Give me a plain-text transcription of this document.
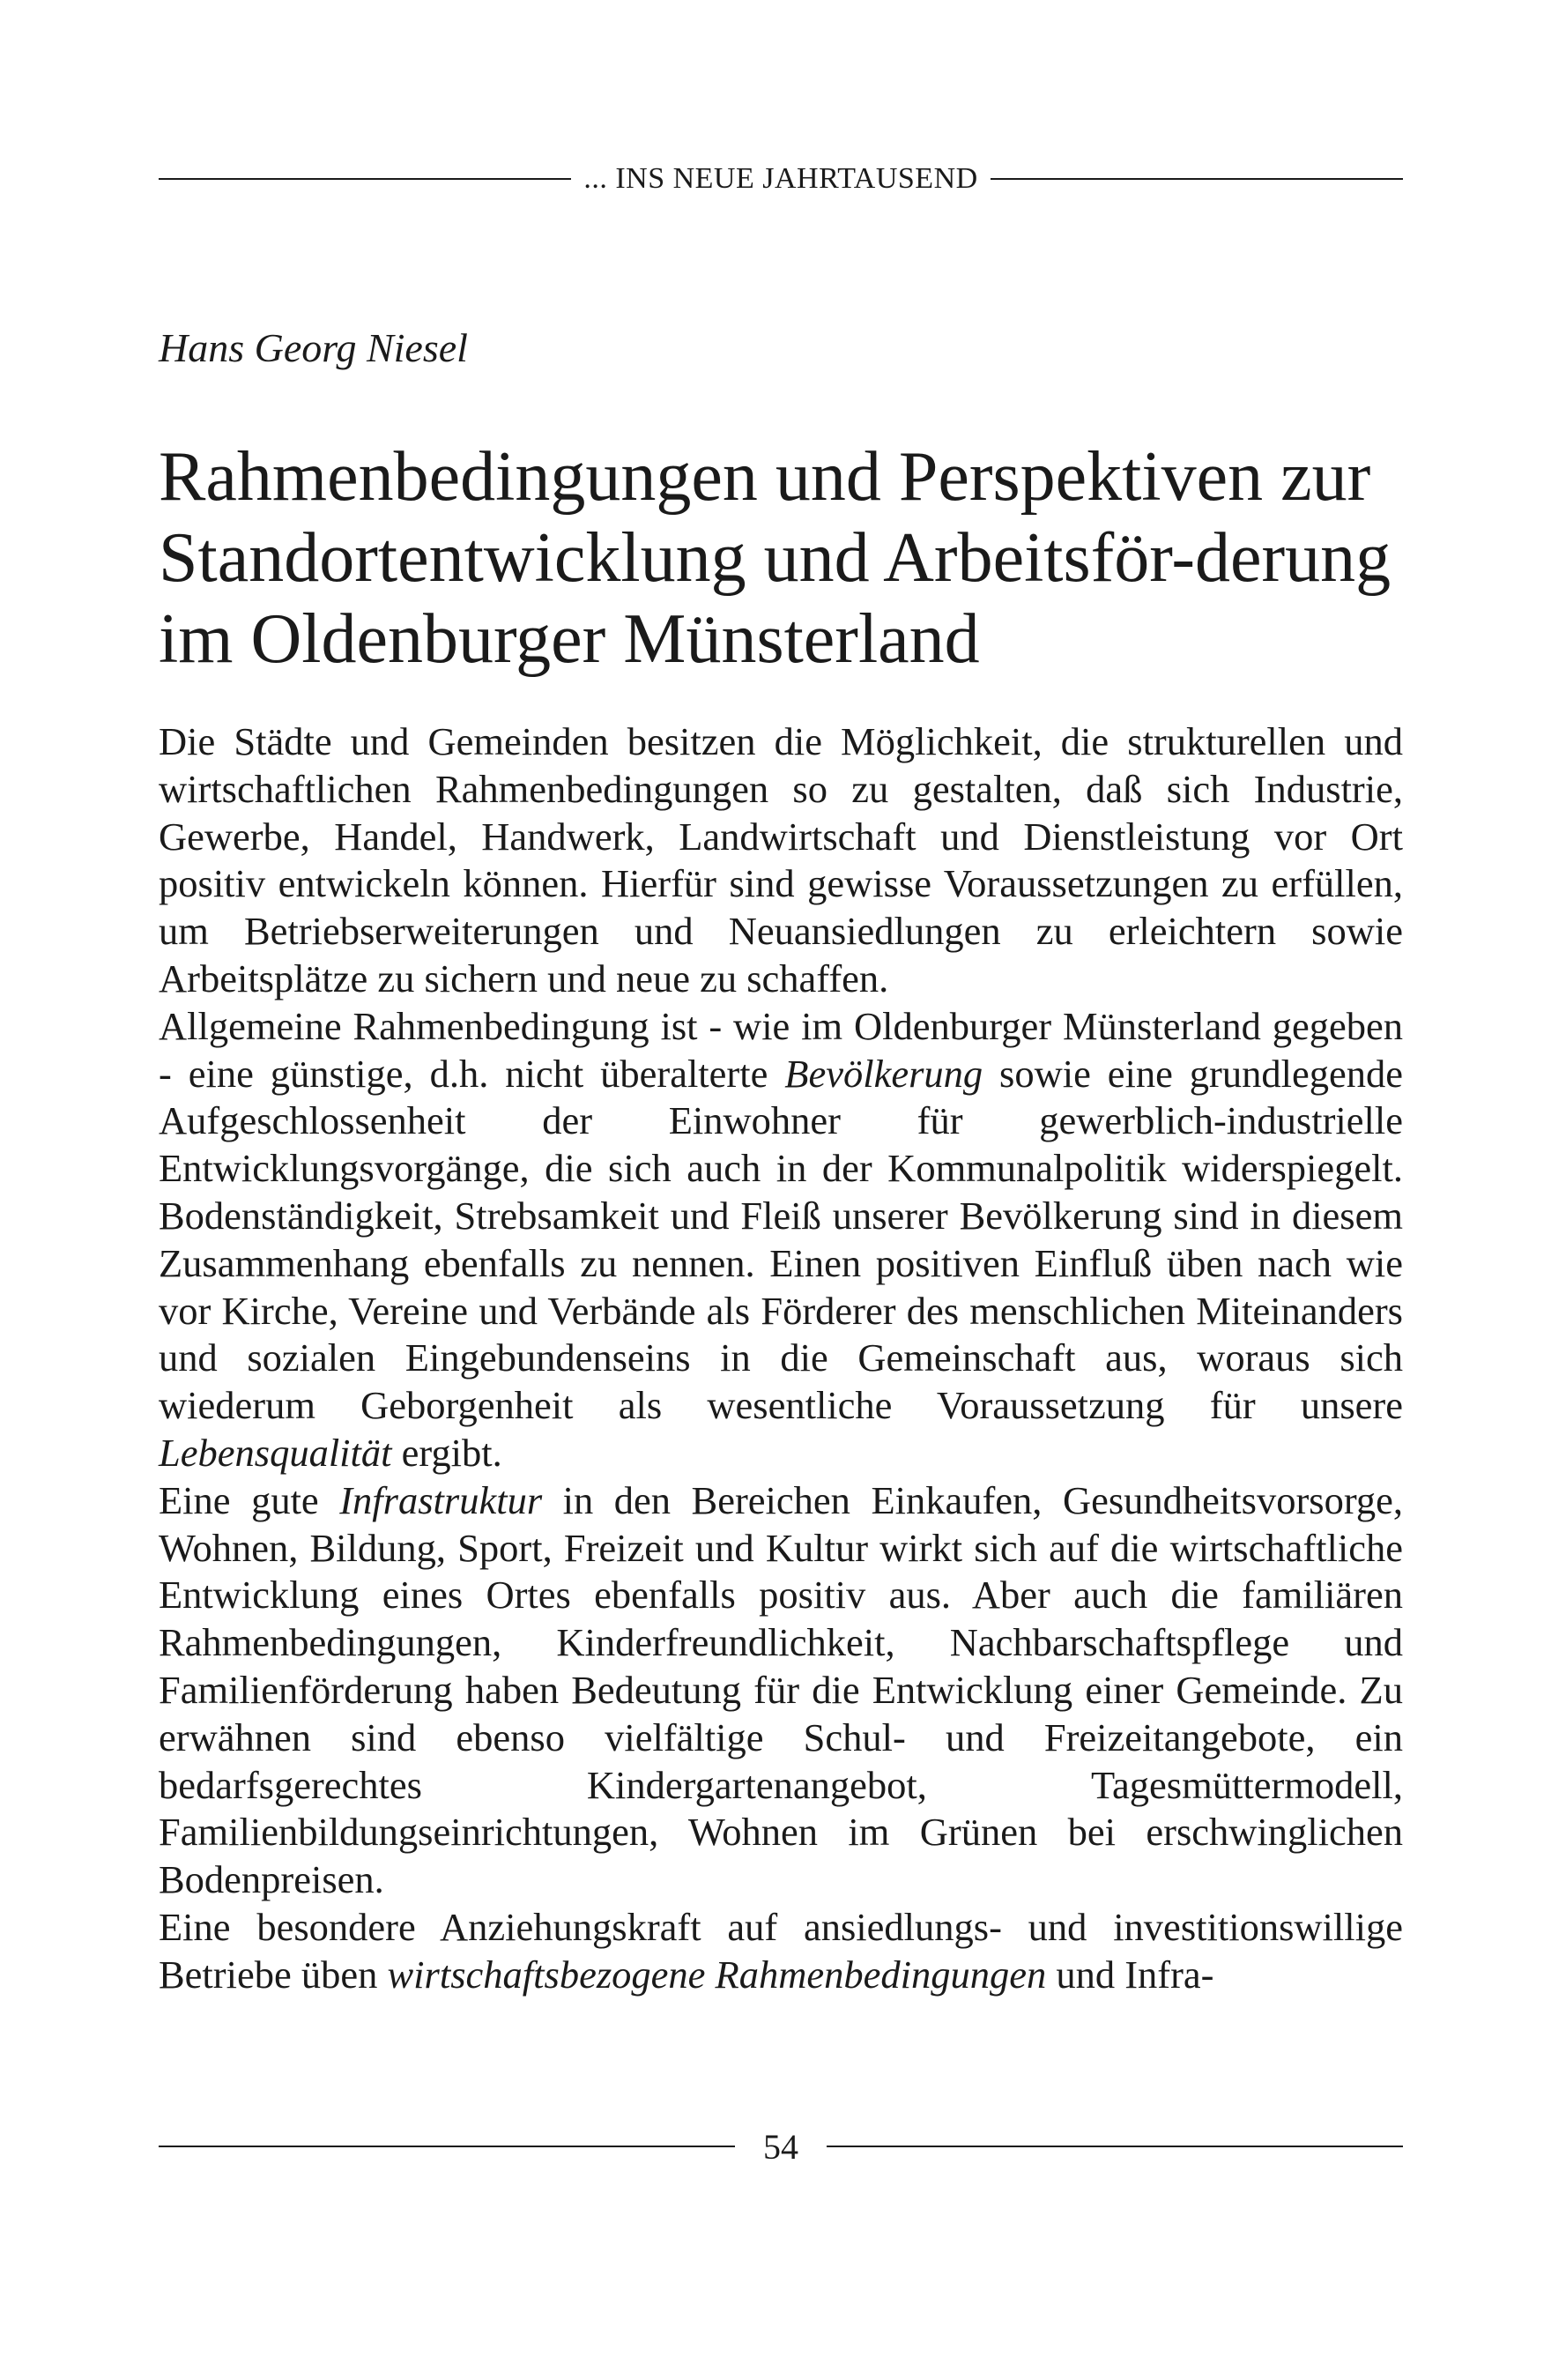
... INS NEUE JAHRTAUSEND
Hans Georg Niesel
Rahmenbedingungen und Perspektiven zur Standortentwicklung und Arbeitsför-derung im Oldenburger Münsterland

Die Städte und Gemeinden besitzen die Möglichkeit, die strukturellen und wirtschaftlichen Rahmenbedingungen so zu gestalten, daß sich Industrie, Gewerbe, Handel, Handwerk, Landwirtschaft und Dienstleistung vor Ort positiv entwickeln können. Hierfür sind gewisse Voraussetzungen zu erfüllen, um Betriebserweiterungen und Neuansiedlungen zu erleichtern sowie Arbeitsplätze zu sichern und neue zu schaffen.

Allgemeine Rahmenbedingung ist - wie im Oldenburger Münsterland gegeben - eine günstige, d.h. nicht überalterte Bevölkerung sowie eine grundlegende Aufgeschlossenheit der Einwohner für gewerblich-industrielle Entwicklungsvorgänge, die sich auch in der Kommunalpolitik widerspiegelt. Bodenständigkeit, Strebsamkeit und Fleiß unserer Bevölkerung sind in diesem Zusammenhang ebenfalls zu nennen. Einen positiven Einfluß üben nach wie vor Kirche, Vereine und Verbände als Förderer des menschlichen Miteinanders und sozialen Eingebundenseins in die Gemeinschaft aus, woraus sich wiederum Geborgenheit als wesentliche Voraussetzung für unsere Lebensqualität ergibt.

Eine gute Infrastruktur in den Bereichen Einkaufen, Gesundheitsvorsorge, Wohnen, Bildung, Sport, Freizeit und Kultur wirkt sich auf die wirtschaftliche Entwicklung eines Ortes ebenfalls positiv aus. Aber auch die familiären Rahmenbedingungen, Kinderfreundlichkeit, Nachbarschaftspflege und Familienförderung haben Bedeutung für die Entwicklung einer Gemeinde. Zu erwähnen sind ebenso vielfältige Schul- und Freizeitangebote, ein bedarfsgerechtes Kindergartenangebot, Tagesmüttermodell, Familienbildungseinrichtungen, Wohnen im Grünen bei erschwinglichen Bodenpreisen.

Eine besondere Anziehungskraft auf ansiedlungs- und investitionswillige Betriebe üben wirtschaftsbezogene Rahmenbedingungen und Infra-

54
